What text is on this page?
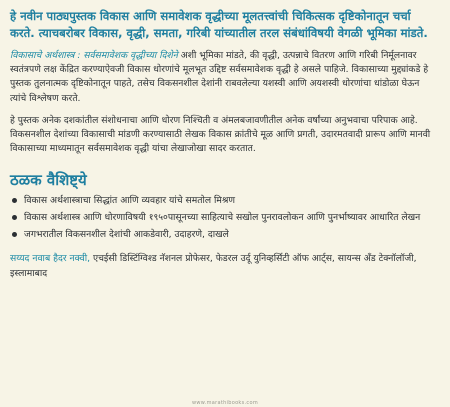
हे नवीन पाठ्यपुस्तक विकास आणि समावेशक वृद्धीच्या मूलतत्त्वांची चिकित्सक दृष्टिकोनातून चर्चा करते. त्याचबरोबर विकास, वृद्धी, समता, गरिबी यांच्यातील तरल संबंधांविषयी वेगळी भूमिका मांडते.

विकासाचे अर्थशास्त्र : सर्वसमावेशक वृद्धीच्या दिशेने अशी भूमिका मांडते, की वृद्धी, उत्पन्नाचे वितरण आणि गरिबी निर्मूलनावर स्वतंत्रपणे लक्ष केंद्रित करण्याऐवजी विकास धोरणांचे मूलभूत उद्दिष्ट सर्वसमावेशक वृद्धी हे असले पाहिजे. विकासाच्या मुद्द्यांकडे हे पुस्तक तुलनात्मक दृष्टिकोनातून पाहते, तसेच विकसनशील देशांनी राबवलेल्या यशस्वी आणि अयशस्वी धोरणांचा धांडोळा घेऊन त्यांचे विश्लेषण करते.

हे पुस्तक अनेक दशकांतील संशोधनाचा आणि धोरण निश्चिती व अंमलबजावणीतील अनेक वर्षांच्या अनुभवाचा परिपाक आहे. विकसनशील देशांच्या विकासाची मांडणी करण्यासाठी लेखक विकास क्रांतीचे मूळ आणि प्रगती, उदारमतवादी प्रारूप आणि मानवी विकासाच्या माध्यमातून सर्वसमावेशक वृद्धी यांचा लेखाजोखा सादर करतात.

ठळक वैशिष्ट्ये
विकास अर्थशास्त्राचा सिद्धांत आणि व्यवहार यांचे समतोल मिश्रण
विकास अर्थशास्त्र आणि धोरणाविषयी १९५०पासूनच्या साहित्याचे सखोल पुनरावलोकन आणि पुनर्भाष्यावर आधारित लेखन
जगभरातील विकसनशील देशांची आकडेवारी, उदाहरणे, दाखले

सय्यद नवाब हैदर नक्वी, एचईसी डिस्टिंग्विश्ड नॅशनल प्रोफेसर, फेडरल उर्दू युनिव्हर्सिटी ऑफ आर्ट्स, सायन्स अँड टेक्नॉलॉजी, इस्लामाबाद

www.marathibooks.com
